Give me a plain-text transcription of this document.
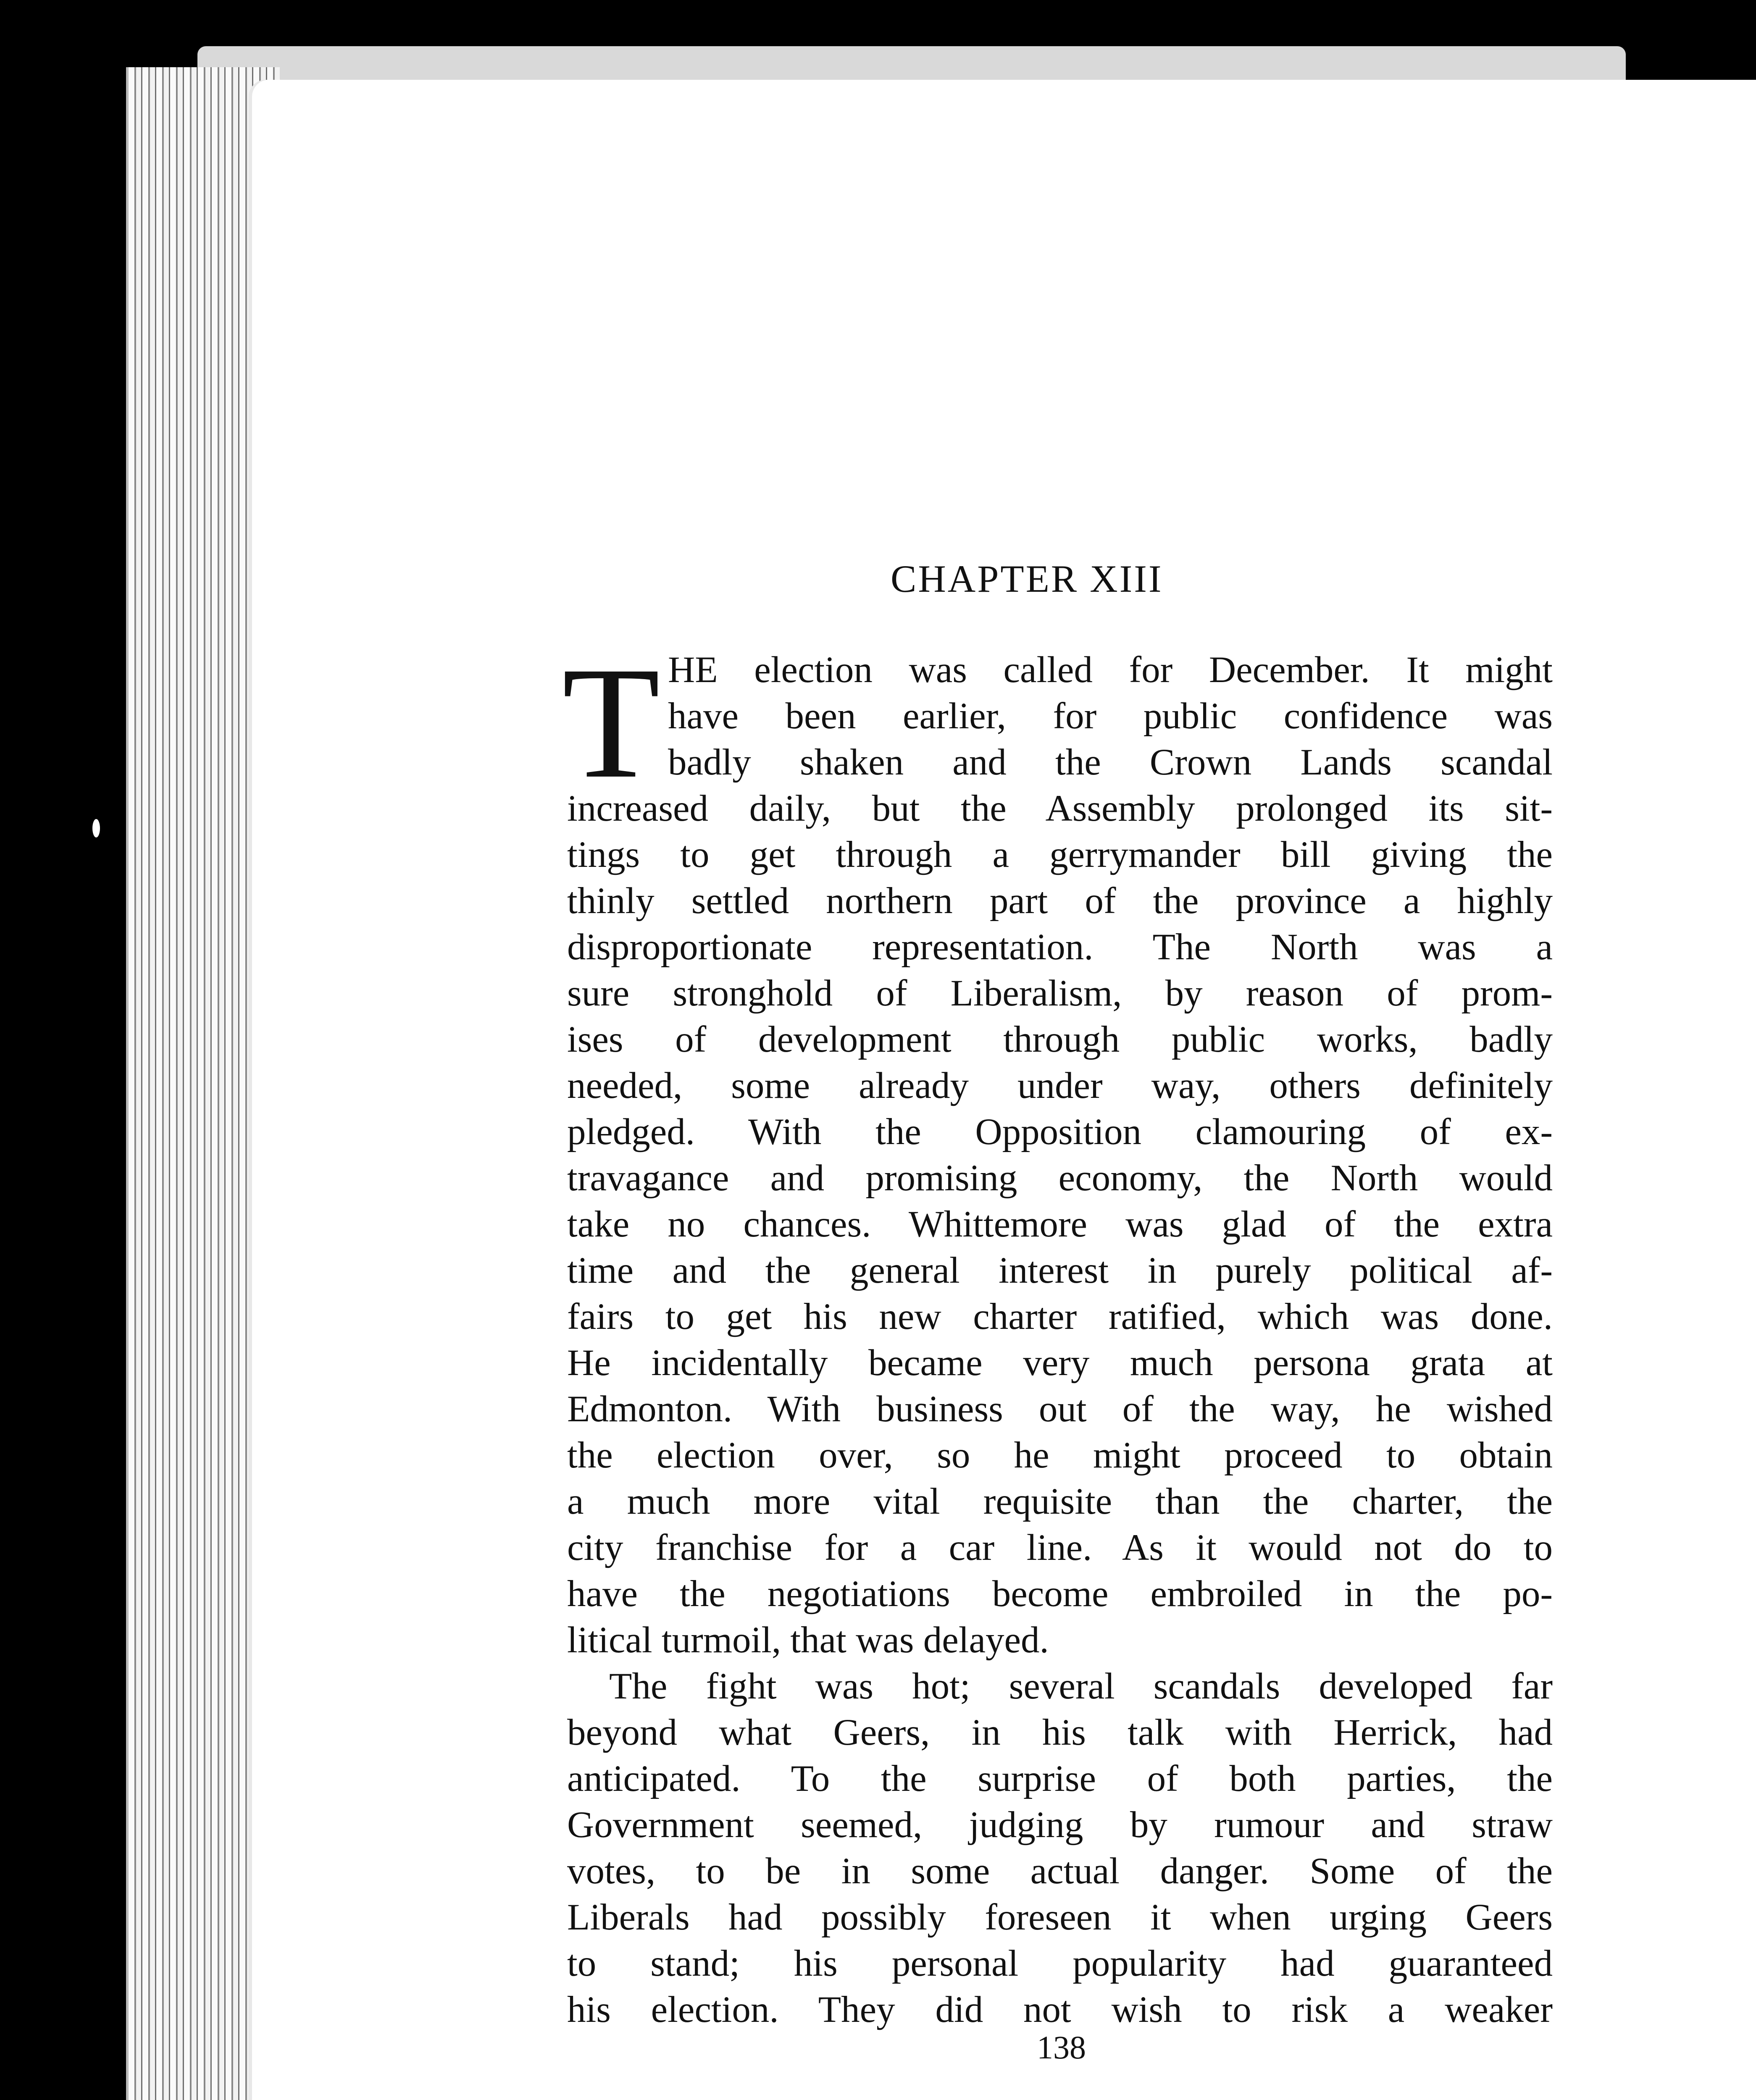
CHAPTER XIII
T HE election was called for December. It might
have been earlier, for public confidence was
badly shaken and the Crown Lands scandal
increased daily, but the Assembly prolonged its sit-
tings to get through a gerrymander bill giving the
thinly settled northern part of the province a highly
disproportionate representation. The North was a
sure stronghold of Liberalism, by reason of prom-
ises of development through public works, badly
needed, some already under way, others definitely
pledged. With the Opposition clamouring of ex-
travagance and promising economy, the North would
take no chances. Whittemore was glad of the extra
time and the general interest in purely political af-
fairs to get his new charter ratified, which was done.
He incidentally became very much persona grata at
Edmonton. With business out of the way, he wished
the election over, so he might proceed to obtain
a much more vital requisite than the charter, the
city franchise for a car line. As it would not do to
have the negotiations become embroiled in the po-
litical turmoil, that was delayed.
The fight was hot; several scandals developed far
beyond what Geers, in his talk with Herrick, had
anticipated. To the surprise of both parties, the
Government seemed, judging by rumour and straw
votes, to be in some actual danger. Some of the
Liberals had possibly foreseen it when urging Geers
to stand; his personal popularity had guaranteed
his election. They did not wish to risk a weaker
138
